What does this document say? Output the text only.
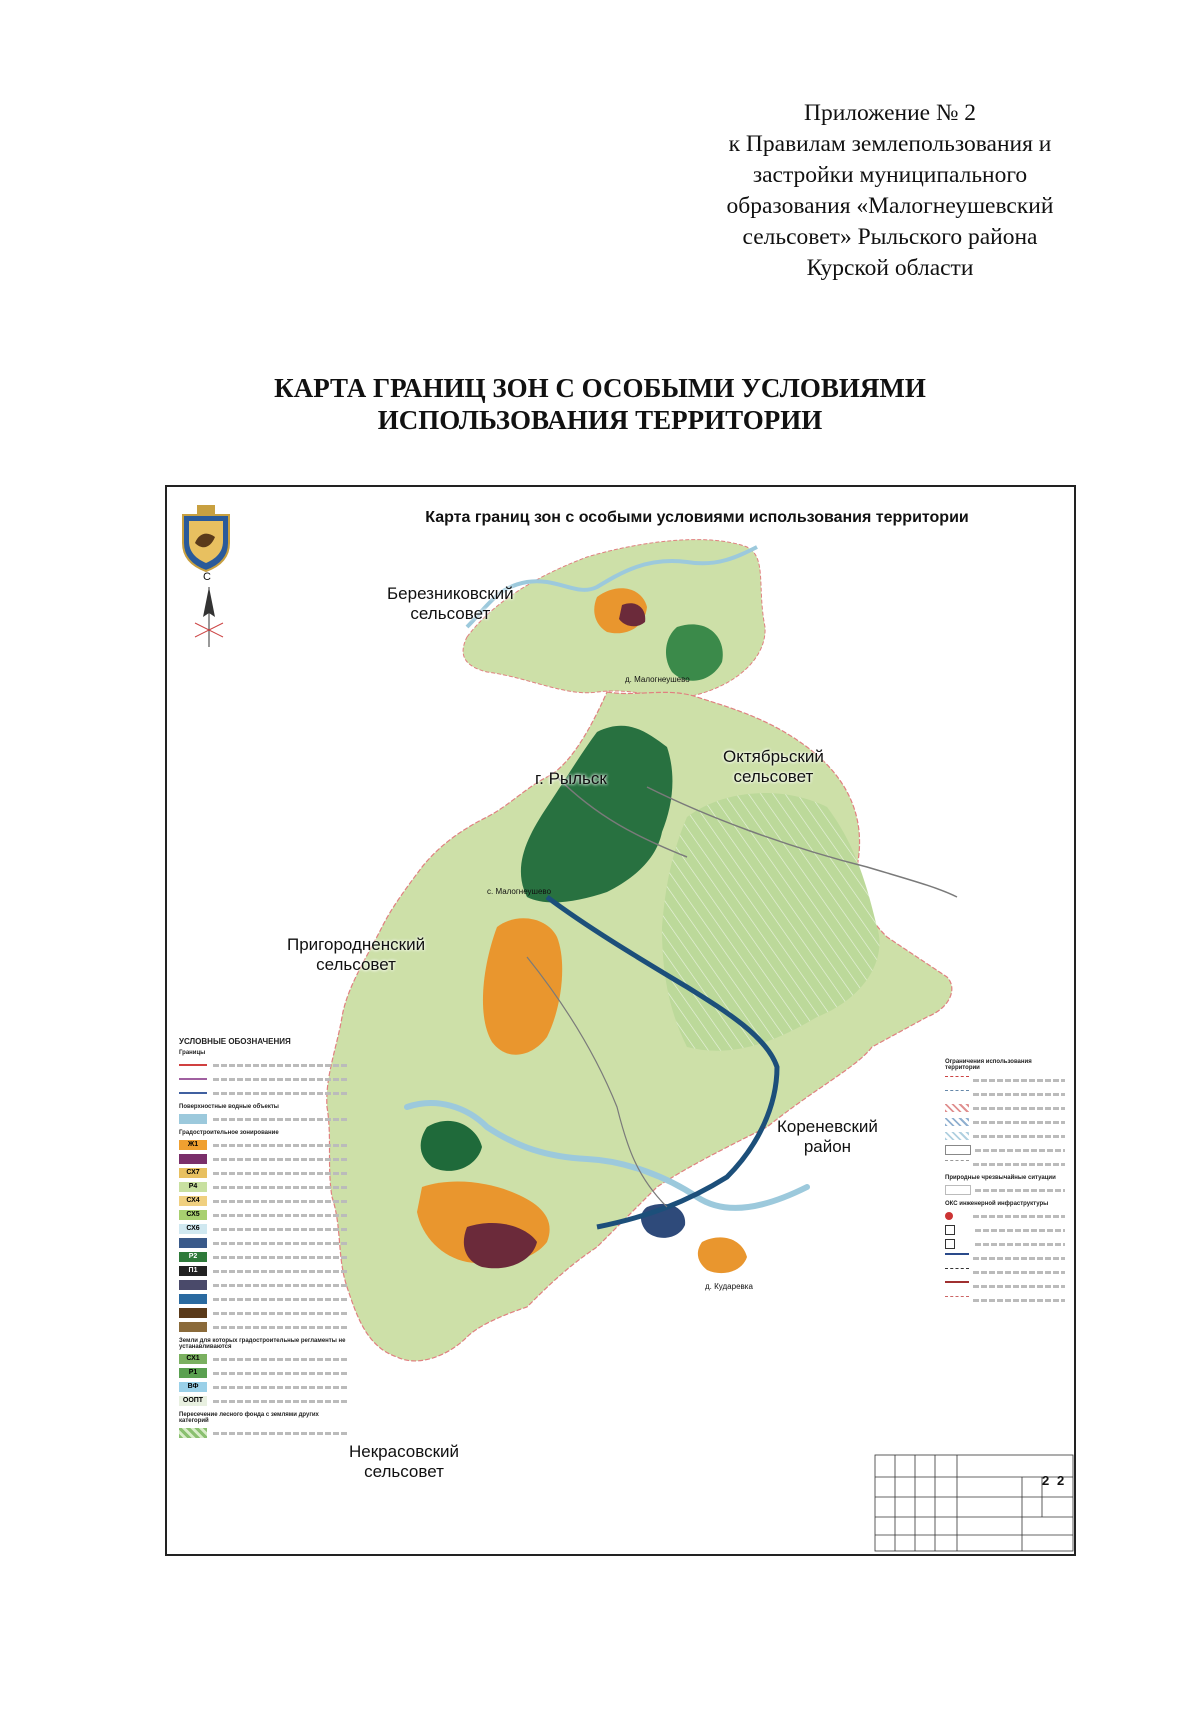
Приложение № 2
к Правилам землепользования и
застройки муниципального
образования «Малогнеушевский
сельсовет» Рыльского района
Курской области
КАРТА ГРАНИЦ ЗОН С ОСОБЫМИ УСЛОВИЯМИ
ИСПОЛЬЗОВАНИЯ ТЕРРИТОРИИ
С
Карта границ зон с особыми условиями использования территории
Березниковский
сельсовет
г. Рыльск
Октябрьский
сельсовет
Пригородненский
сельсовет
Кореневский
район
Некрасовский
сельсовет
д. Малогнеушево
с. Малогнеушево
д. Кударевка
УСЛОВНЫЕ ОБОЗНАЧЕНИЯ
Границы
Поверхностные водные объекты
Градостроительное зонирование
Ж1
СХ7
Р4
СХ4
СХ5
СХ6
Р2
П1
Земли для которых градостроительные регламенты не устанавливаются
СХ1
Р1
ВФ
ООПТ
Пересечение лесного фонда с землями других категорий
Ограничения использования территории
Природные чрезвычайные ситуации
ОКС инженерной инфраструктуры
2 2
